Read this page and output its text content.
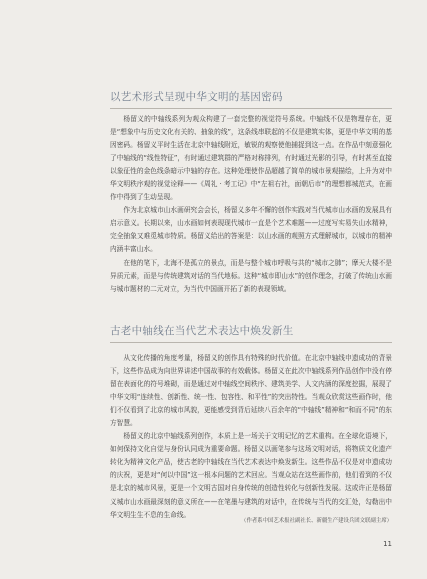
以艺术形式呈现中华文明的基因密码

杨留义的中轴线系列为观众构建了一套完整的视觉符号系统。中轴线不仅是物理存在，更是“想象中与历史文化有关的、抽象的线”，这条线串联起的不仅是建筑实体，更是中华文明的基因密码。杨留义平时生活在北京中轴线附近，敏锐的观察使他捕捉到这一点。在作品中刻意强化了中轴线的“线性特征”，有时通过建筑群的严格对称排列，有时通过光影的引导，有时甚至直接以象征性的金色线条暗示中轴的存在。这种处理使作品超越了简单的城市景观描绘，上升为对中华文明秩序观的视觉诠释——《周礼 · 考工记》中“左祖右社，面朝后市”的理想都城范式，在画作中得到了生动呈现。

作为北京城市山水画研究会会长，杨留义多年不懈的创作实践对当代城市山水画的发展具有启示意义。长期以来，山水画如何表现现代城市一直是个艺术难题——过度写实易失山水精神，完全抽象又难觅城市特质。杨留义给出的答案是：以山水画的观照方式理解城市，以城市的精神内涵丰富山水。

在他的笔下，北海不是孤立的景点，而是与整个城市呼吸与共的“城市之肺”；摩天大楼不是异质元素，而是与传统建筑对话的当代地标。这种“城市即山水”的创作理念，打破了传统山水画与城市题材的二元对立，为当代中国画开拓了新的表现领域。

古老中轴线在当代艺术表达中焕发新生

从文化传播的角度考量，杨留义的创作具有特殊的时代价值。在北京中轴线申遗成功的背景下，这些作品成为向世界讲述中国故事的有效载体。杨留义在此次中轴线系列作品创作中没有停留在表面化的符号堆砌，而是通过对中轴线空间秩序、建筑美学、人文内涵的深度挖掘，展现了中华文明“连续性、创新性、统一性、包容性、和平性”的突出特性。当观众欣赏这些画作时，他们不仅看到了北京的城市风貌，更能感受到背后延续八百余年的“中轴线”精神和“和而不同”的东方智慧。

杨留义的北京中轴线系列创作，本质上是一场关于文明记忆的艺术重构。在全球化语境下，如何保持文化自觉与身份认同成为重要命题。杨留义以画笔参与这场文明对话，将物质文化遗产转化为精神文化产品，使古老的中轴线在当代艺术表达中焕发新生。这些作品不仅是对申遗成功的庆祝，更是对“何以中国”这一根本问题的艺术回应。当观众站在这些画作前，他们看到的不仅是北京的城市风景，更是一个文明古国对自身传统的创造性转化与创新性发展。这或许正是杨留义城市山水画最深刻的意义所在——在笔墨与建筑的对话中，在传统与当代的交汇处，勾勒出中华文明生生不息的生命线。

（作者系中国艺术报社副社长、新疆生产建设兵团文联副主席）
11
